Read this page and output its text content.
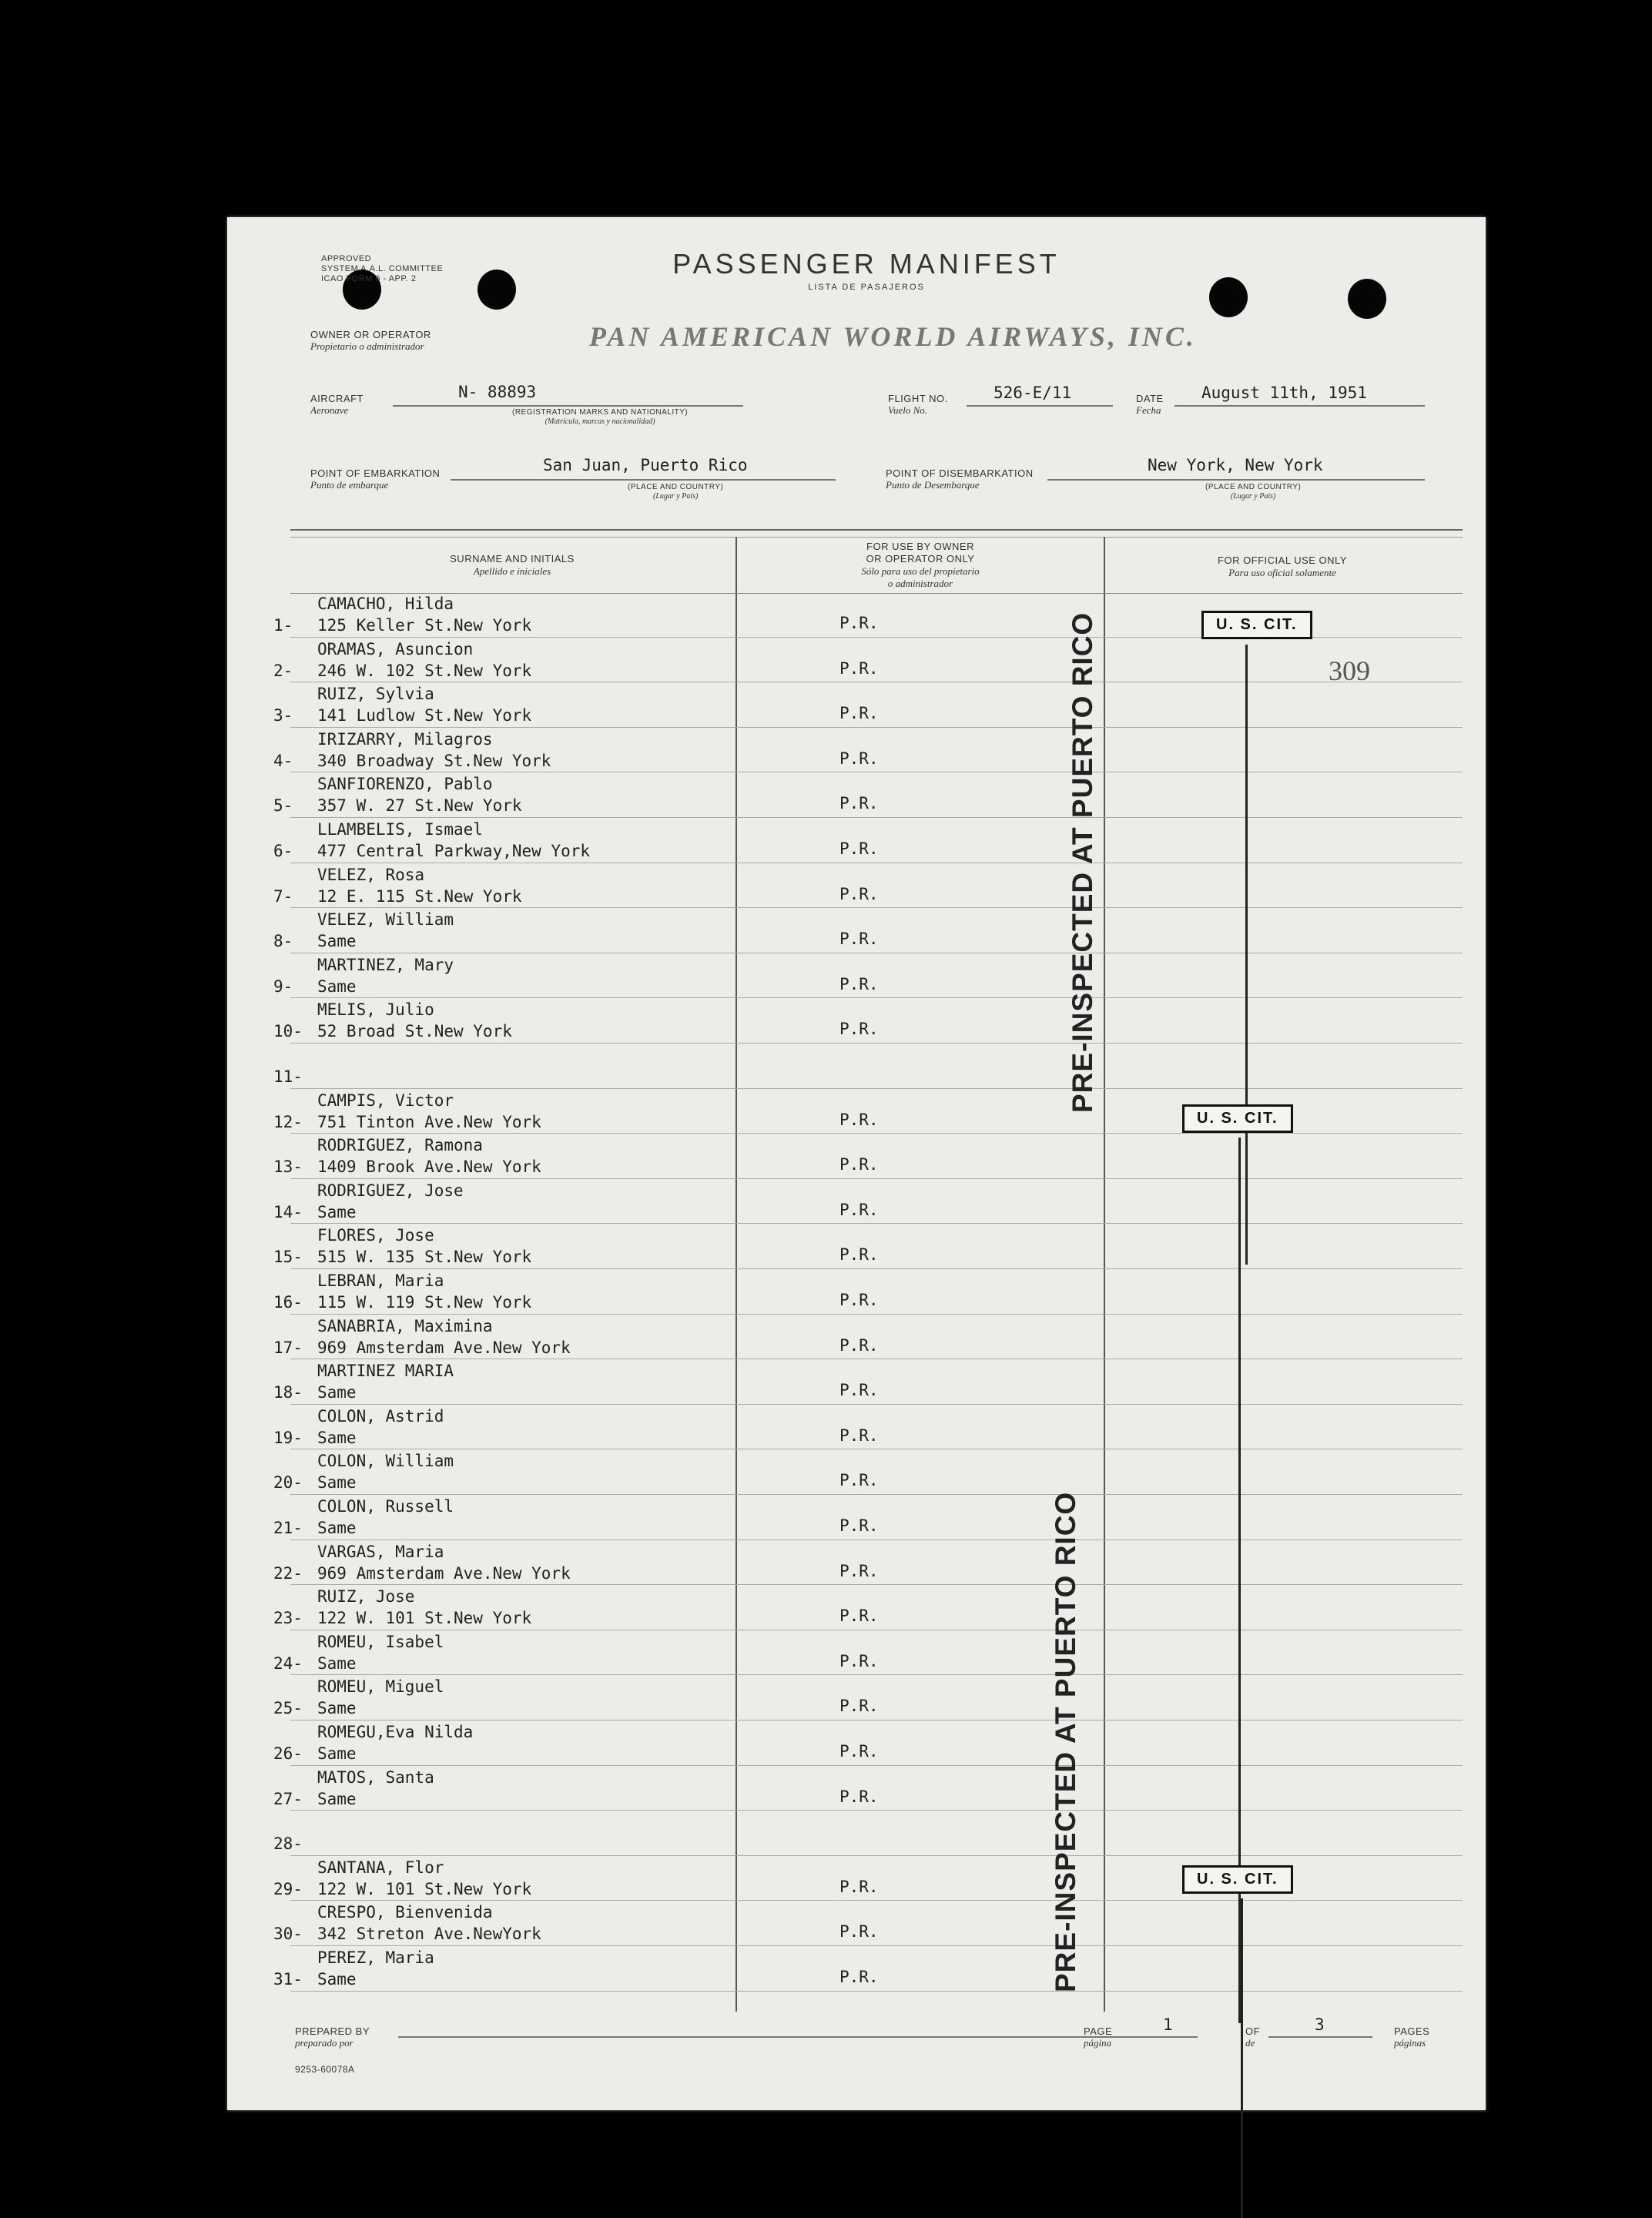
APPROVED
SYSTEM A.A.L. COMMITTEE
ICAO FORM 6 - APP. 2	PASSENGER MANIFEST
LISTA DE PASAJEROS
OWNER OR OPERATOR
Propietario o administrador	PAN AMERICAN WORLD AIRWAYS, INC.
AIRCRAFT
Aeronave
N- 88893
(REGISTRATION MARKS AND NATIONALITY)
(Matrícula, marcas y nacionalidad)
FLIGHT NO.
Vuelo No.
526-E/11	DATE
Fecha
August 11th, 1951
POINT OF EMBARKATION
Punto de embarque
San Juan, Puerto Rico
(PLACE AND COUNTRY)
(Lugar y País)
POINT OF DISEMBARKATION
Punto de Desembarque
New York, New York
(PLACE AND COUNTRY)
(Lugar y País)
SURNAME AND INITIALS
Apellido e iniciales
FOR USE BY OWNER
OR OPERATOR ONLY
Sólo para uso del propietario
o administrador
FOR OFFICIAL USE ONLY
Para uso oficial solamente
CAMACHO, Hilda
1- 125 Keller St.New York	P.R.
ORAMAS, Asuncion
2- 246 W. 102 St.New York	P.R.
RUIZ, Sylvia
3- 141 Ludlow St.New York	P.R.
IRIZARRY, Milagros
4- 340 Broadway St.New York	P.R.
SANFIORENZO, Pablo
5- 357 W. 27 St.New York	P.R.
LLAMBELIS, Ismael
6- 477 Central Parkway,New York	P.R.
VELEZ, Rosa
7- 12 E. 115 St.New York	P.R.
VELEZ, William
8- Same	P.R.
MARTINEZ, Mary
9- Same	P.R.
MELIS, Julio
10- 52 Broad St.New York	P.R.
11-
CAMPIS, Victor
12- 751 Tinton Ave.New York	P.R.
RODRIGUEZ, Ramona
13- 1409 Brook Ave.New York	P.R.
RODRIGUEZ, Jose
14- Same	P.R.
FLORES, Jose
15- 515 W. 135 St.New York	P.R.
LEBRAN, Maria
16- 115 W. 119 St.New York	P.R.
SANABRIA, Maximina
17- 969 Amsterdam Ave.New York	P.R.
MARTINEZ MARIA
18- Same	P.R.
COLON, Astrid
19- Same	P.R.
COLON, William
20- Same	P.R.
COLON, Russell
21- Same	P.R.
VARGAS, Maria
22- 969 Amsterdam Ave.New York	P.R.
RUIZ, Jose
23- 122 W. 101 St.New York	P.R.
ROMEU, Isabel
24- Same	P.R.
ROMEU, Miguel
25- Same	P.R.
ROMEGU,Eva Nilda
26- Same	P.R.
MATOS, Santa
27- Same	P.R.
28-
SANTANA, Flor
29- 122 W. 101 St.New York	P.R.
CRESPO, Bienvenida
30- 342 Streton Ave.NewYork	P.R.
PEREZ, Maria
31- Same	P.R.
U. S. CIT.
309
U. S. CIT.
U. S. CIT.
PRE-INSPECTED AT PUERTO RICO
PRE-INSPECTED AT PUERTO RICO
PREPARED BY
preparado por
PAGE
página
1	OF
de
3	PAGES
páginas
9253-60078A
